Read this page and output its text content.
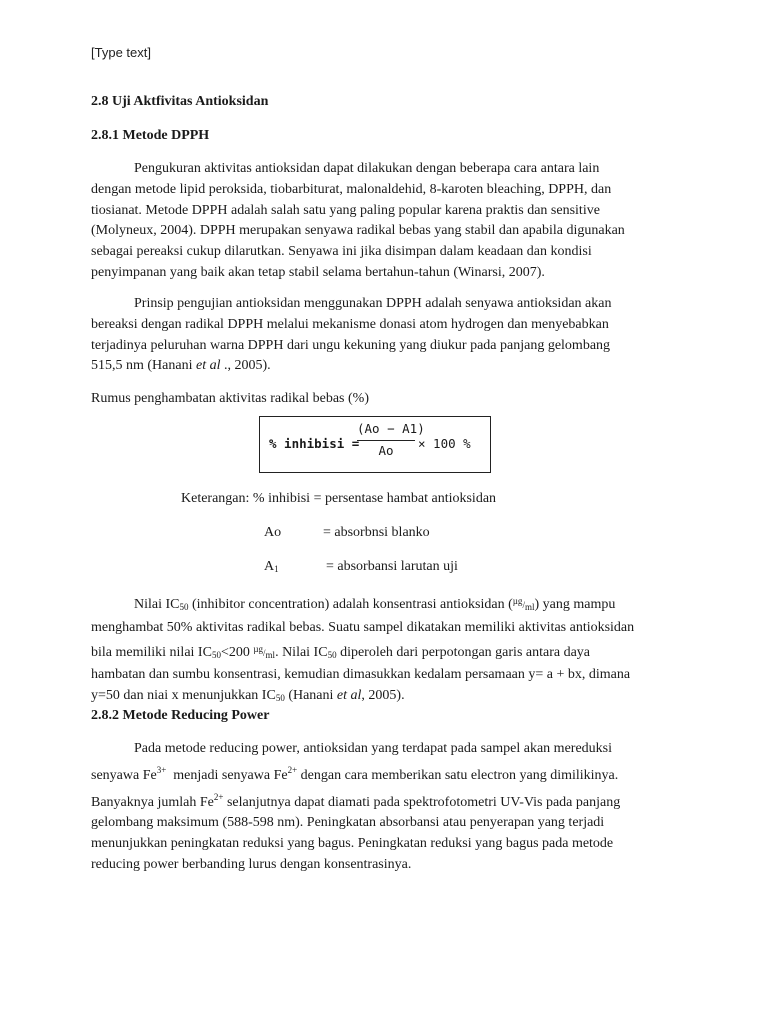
[Type text]
2.8 Uji Aktfivitas Antioksidan
2.8.1 Metode DPPH
Pengukuran aktivitas antioksidan dapat dilakukan dengan beberapa cara antara lain
dengan metode lipid peroksida, tiobarbiturat, malonaldehid, 8-karoten bleaching, DPPH, dan
tiosianat. Metode DPPH adalah salah satu yang paling popular karena praktis dan sensitive
(Molyneux, 2004). DPPH merupakan senyawa radikal bebas yang stabil dan apabila digunakan
sebagai pereaksi cukup dilarutkan. Senyawa ini jika disimpan dalam keadaan dan kondisi
penyimpanan yang baik akan tetap stabil selama bertahun-tahun (Winarsi, 2007).
Prinsip pengujian antioksidan menggunakan DPPH adalah senyawa antioksidan akan
bereaksi dengan radikal DPPH melalui mekanisme donasi atom hydrogen dan menyebabkan
terjadinya peluruhan warna DPPH dari ungu kekuning yang diukur pada panjang gelombang
515,5 nm (Hanani et al ., 2005).
Rumus penghambatan aktivitas radikal bebas (%)
% inhibisi =
(Ao − A1)
Ao	× 100 %
Keterangan: % inhibisi = persentase hambat antioksidan
Ao	= absorbnsi blanko
$A_1$	= absorbansi larutan uji
Nilai $IC_{50}$ (inhibitor concentration) adalah konsentrasi antioksidan (µg/ml) yang mampu
menghambat 50% aktivitas radikal bebas. Suatu sampel dikatakan memiliki aktivitas antioksidan
bila memiliki nilai $IC_{50}<200$ µg/ml. Nilai $IC_{50}$ diperoleh dari perpotongan garis antara daya
hambatan dan sumbu konsentrasi, kemudian dimasukkan kedalam persamaan y= a + bx, dimana
y=50 dan niai x menunjukkan $IC_{50}$ (Hanani et al, 2005).
2.8.2 Metode Reducing Power
Pada metode reducing power, antioksidan yang terdapat pada sampel akan mereduksi
senyawa $Fe^{3+}$  menjadi senyawa $Fe^{2+}$ dengan cara memberikan satu electron yang dimilikinya.
Banyaknya jumlah $Fe^{2+}$ selanjutnya dapat diamati pada spektrofotometri UV-Vis pada panjang
gelombang maksimum (588-598 nm). Peningkatan absorbansi atau penyerapan yang terjadi
menunjukkan peningkatan reduksi yang bagus. Peningkatan reduksi yang bagus pada metode
reducing power berbanding lurus dengan konsentrasinya.
